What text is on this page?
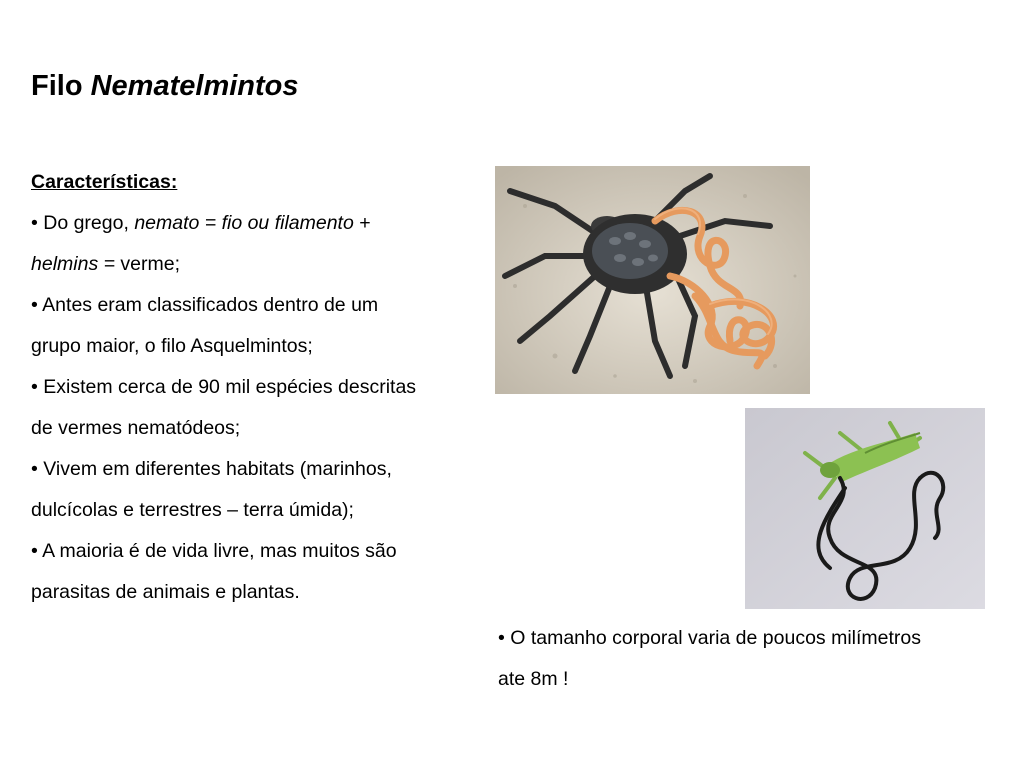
Filo Nematelmintos
Características:
• Do grego, nemato = fio ou filamento +
helmins = verme;
• Antes eram classificados dentro de um
grupo maior, o filo Asquelmintos;
• Existem cerca de 90 mil espécies descritas
de vermes nematódeos;
• Vivem em diferentes habitats (marinhos,
dulcícolas e terrestres – terra úmida);
• A maioria é de vida livre, mas muitos são
parasitas de animais e plantas.
• O tamanho corporal varia de poucos milímetros
ate 8m !
